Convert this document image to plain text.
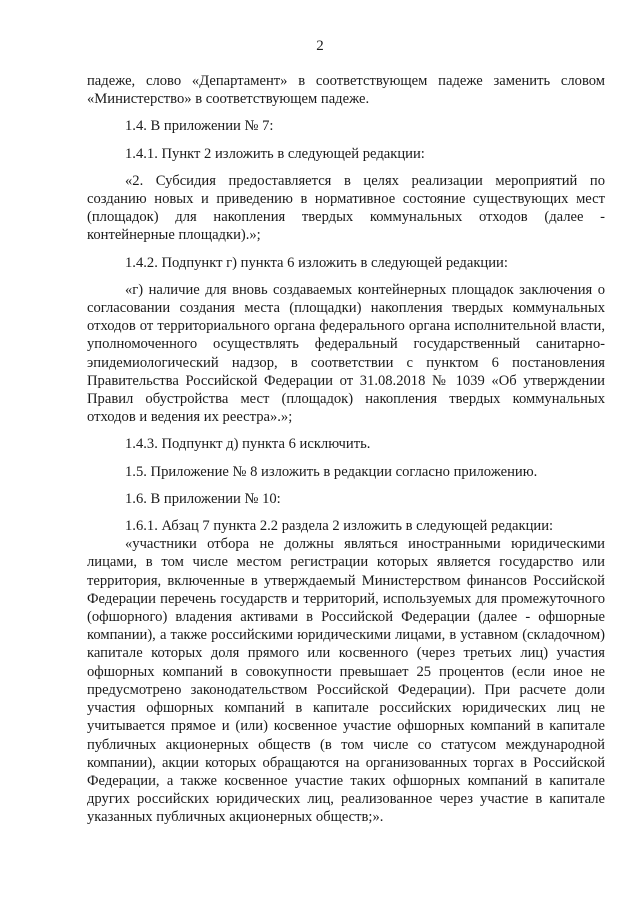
2

падеже, слово «Департамент» в соответствующем падеже заменить словом «Министерство» в соответствующем падеже.

1.4. В приложении № 7:

1.4.1. Пункт 2 изложить в следующей редакции:

«2. Субсидия предоставляется в целях реализации мероприятий по созданию новых и приведению в нормативное состояние существующих мест (площадок) для накопления твердых коммунальных отходов (далее - контейнерные площадки).»;

1.4.2. Подпункт г) пункта 6 изложить в следующей редакции:

«г) наличие для вновь создаваемых контейнерных площадок заключения о согласовании создания места (площадки) накопления твердых коммунальных отходов от территориального органа федерального органа исполнительной власти, уполномоченного осуществлять федеральный государственный санитарно-эпидемиологический надзор, в соответствии с пунктом 6 постановления Правительства Российской Федерации от 31.08.2018 № 1039 «Об утверждении Правил обустройства мест (площадок) накопления твердых коммунальных отходов и ведения их реестра».»;

1.4.3. Подпункт д) пункта 6 исключить.

1.5. Приложение № 8 изложить в редакции согласно приложению.

1.6. В приложении № 10:

1.6.1. Абзац 7 пункта 2.2 раздела 2 изложить в следующей редакции:

«участники отбора не должны являться иностранными юридическими лицами, в том числе местом регистрации которых является государство или территория, включенные в утверждаемый Министерством финансов Российской Федерации перечень государств и территорий, используемых для промежуточного (офшорного) владения активами в Российской Федерации (далее - офшорные компании), а также российскими юридическими лицами, в уставном (складочном) капитале которых доля прямого или косвенного (через третьих лиц) участия офшорных компаний в совокупности превышает 25 процентов (если иное не предусмотрено законодательством Российской Федерации). При расчете доли участия офшорных компаний в капитале российских юридических лиц не учитывается прямое и (или) косвенное участие офшорных компаний в капитале публичных акционерных обществ (в том числе со статусом международной компании), акции которых обращаются на организованных торгах в Российской Федерации, а также косвенное участие таких офшорных компаний в капитале других российских юридических лиц, реализованное через участие в капитале указанных публичных акционерных обществ;».
